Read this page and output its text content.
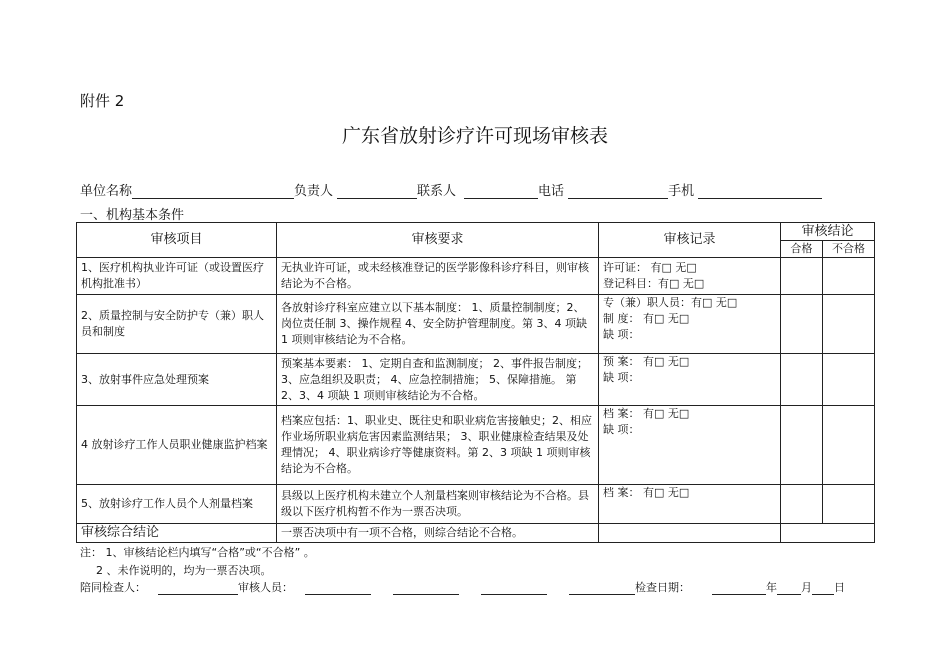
附件 2
广东省放射诊疗许可现场审核表
单位名称	负责人	联系人	电话	手机
一、机构基本条件
审核项目	审核要求	审核记录	审核结论	
			合格	不合格
1、医疗机构执业许可证（或设置医疗机构批准书）	无执业许可证，或未经核准登记的医学影像科诊疗科目，则审核结论为不合格。	许可证： 有□ 无□
登记科目：有□ 无□		

2、质量控制与安全防护专（兼）职人员和制度	各放射诊疗科室应建立以下基本制度： 1、质量控制制度；2、岗位责任制 3、操作规程 4、安全防护管理制度。第 3、4 项缺 1 项则审核结论为不合格。	专（兼）职人员：有□ 无□
制 度： 有□ 无□
缺 项：		

3、放射事件应急处理预案	预案基本要素： 1、定期自查和监测制度； 2、事件报告制度； 3、应急组织及职责； 4、应急控制措施； 5、保障措施。 第 2、3、4 项缺 1 项则审核结论为不合格。	预 案： 有□ 无□
缺 项：		

4 放射诊疗工作人员职业健康监护档案	档案应包括：1、职业史、既往史和职业病危害接触史；2、相应作业场所职业病危害因素监测结果； 3、职业健康检查结果及处理情况； 4、职业病诊疗等健康资料。第 2、3 项缺 1 项则审核结论为不合格。	档 案： 有□ 无□
缺 项：		

5、放射诊疗工作人员个人剂量档案	县级以上医疗机构未建立个人剂量档案则审核结论为不合格。县级以下医疗机构暂不作为一票否决项。	档 案： 有□ 无□		

审核综合结论	一票否决项中有一项不合格，则综合结论不合格。			
注： 1、审核结论栏内填写“合格”或“不合格” 。
2 、未作说明的，均为一票否决项。
陪同检查人：	审核人员：	检查日期：	年 月 日
